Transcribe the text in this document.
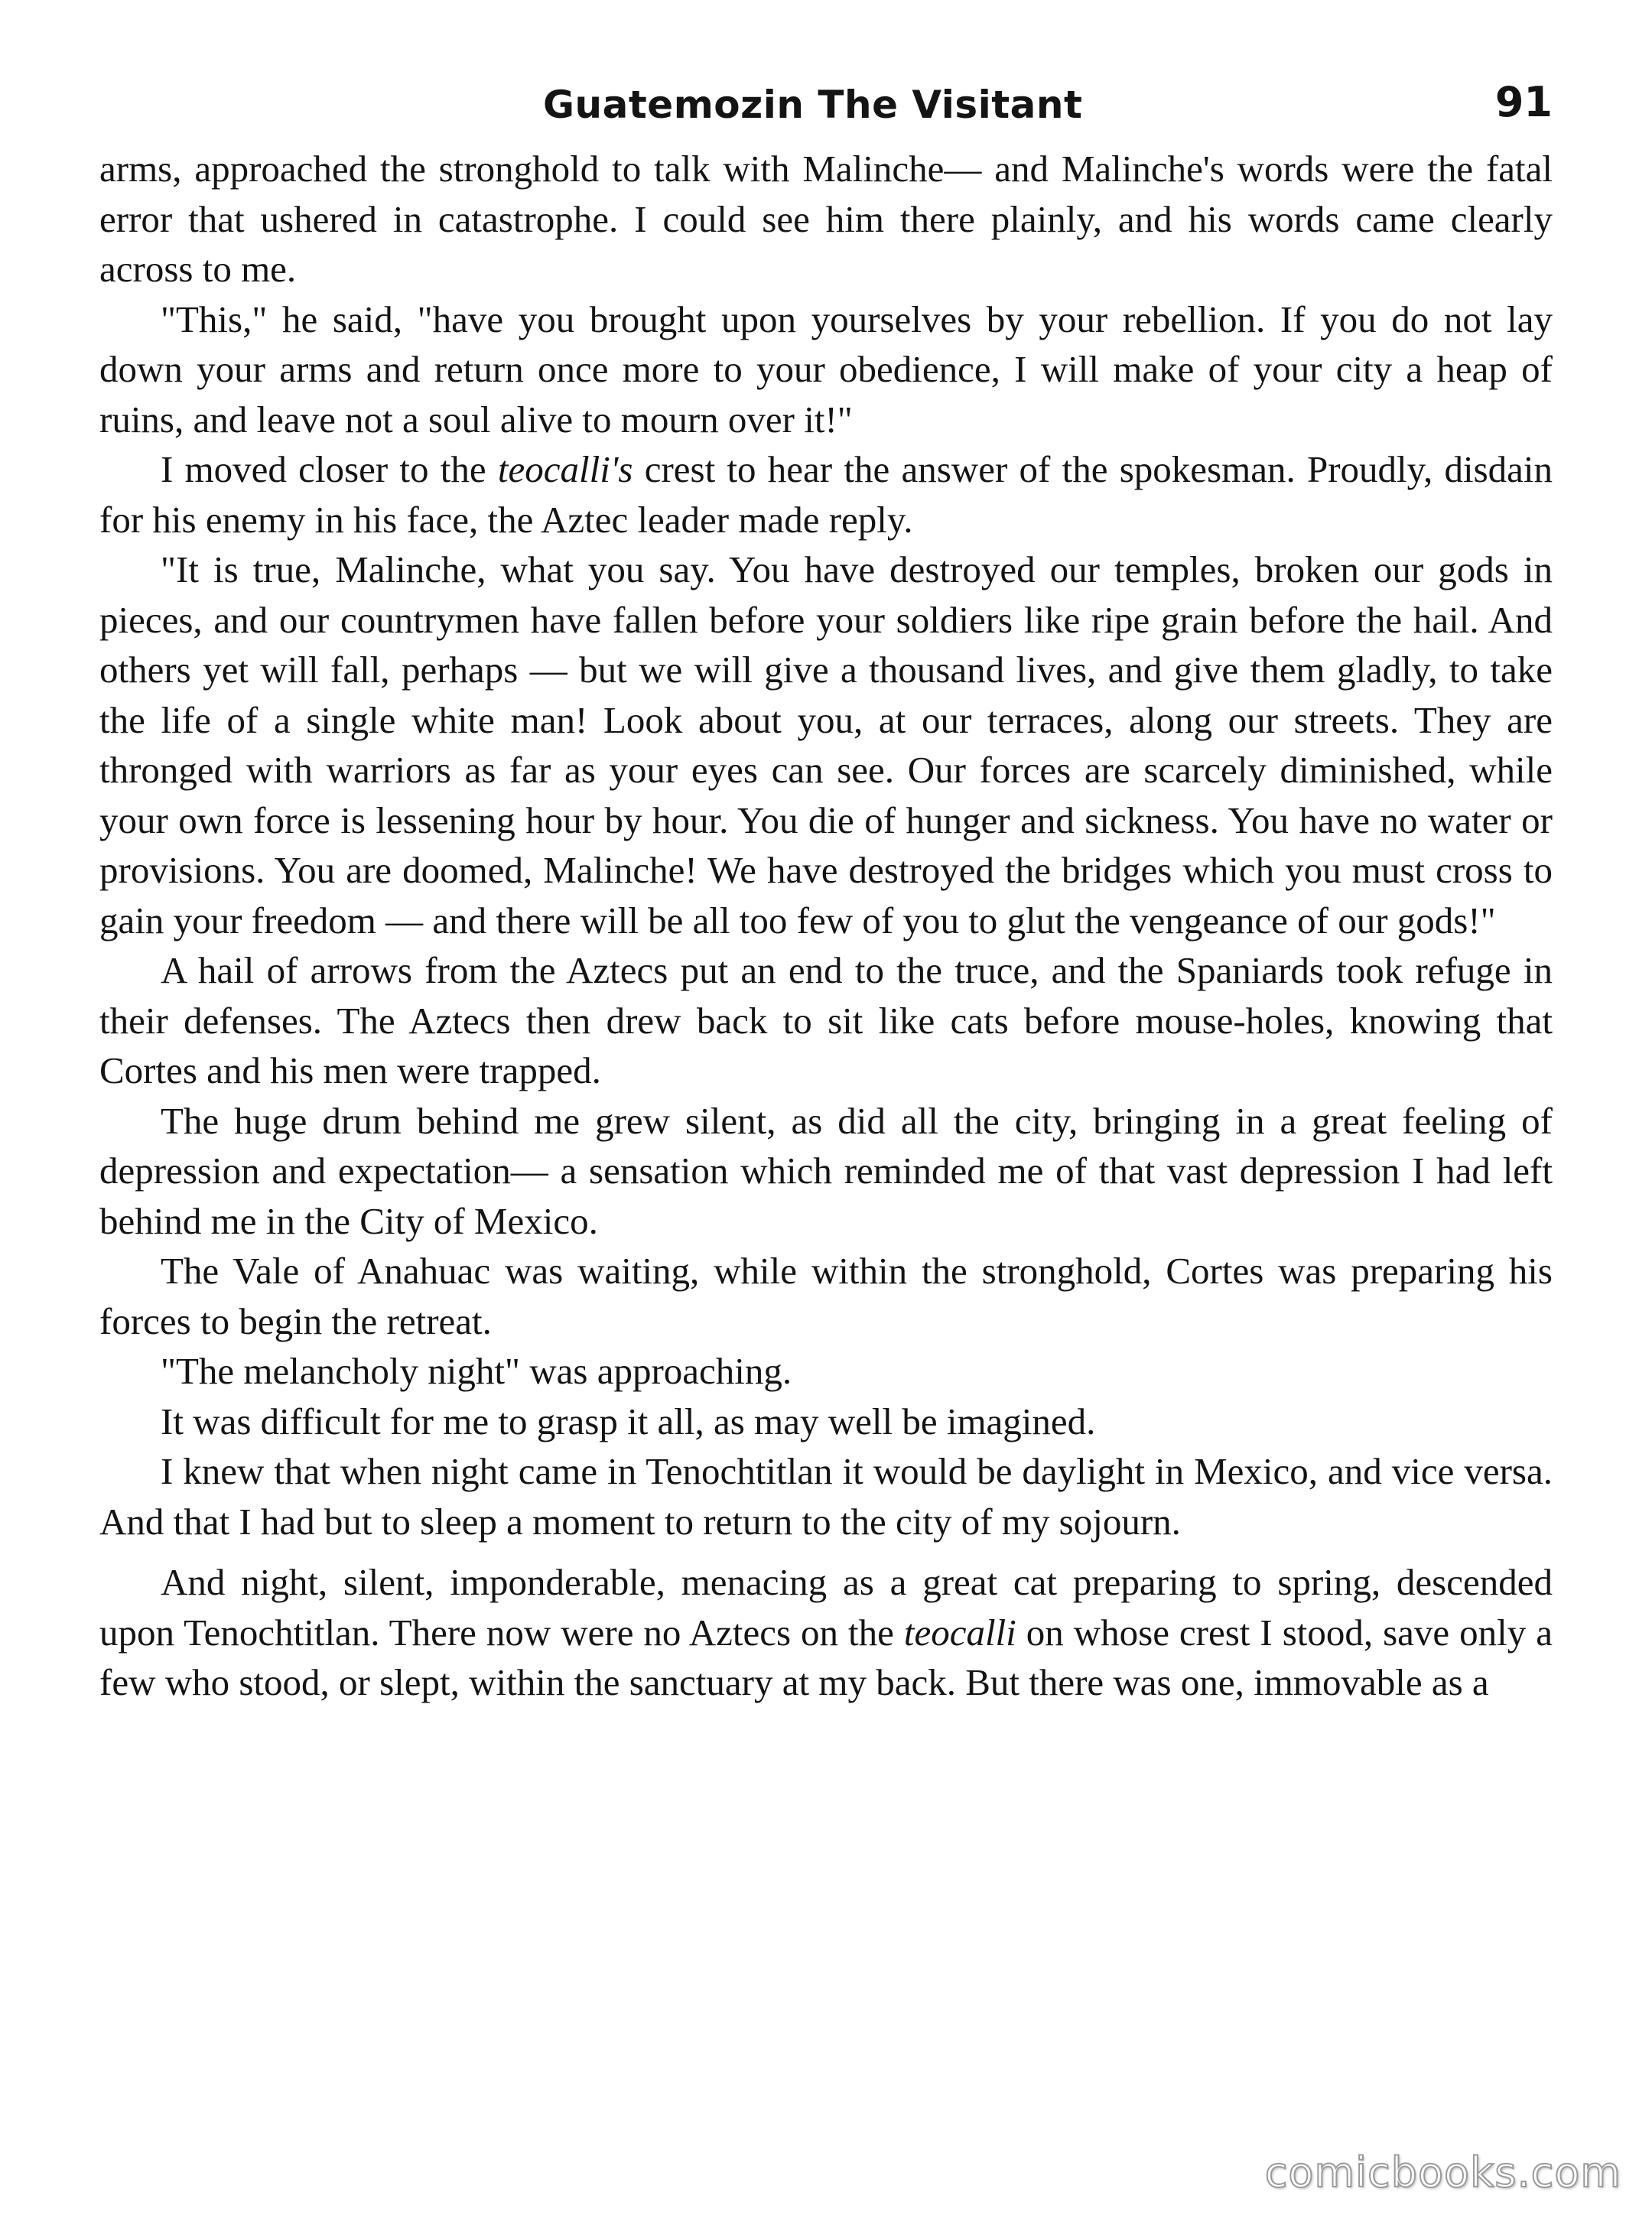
Guatemozin The Visitant	91

arms, approached the stronghold to talk with Malinche— and Malinche's words were the fatal error that ushered in catastrophe. I could see him there plainly, and his words came clearly across to me.

"This," he said, "have you brought upon yourselves by your rebellion. If you do not lay down your arms and return once more to your obedience, I will make of your city a heap of ruins, and leave not a soul alive to mourn over it!"

I moved closer to the teocalli's crest to hear the answer of the spokesman. Proudly, disdain for his enemy in his face, the Aztec leader made reply.

"It is true, Malinche, what you say. You have destroyed our temples, broken our gods in pieces, and our countrymen have fallen before your soldiers like ripe grain before the hail. And others yet will fall, perhaps — but we will give a thousand lives, and give them gladly, to take the life of a single white man! Look about you, at our terraces, along our streets. They are thronged with warriors as far as your eyes can see. Our forces are scarcely diminished, while your own force is lessening hour by hour. You die of hunger and sickness. You have no water or provisions. You are doomed, Malinche! We have destroyed the bridges which you must cross to gain your freedom — and there will be all too few of you to glut the vengeance of our gods!"

A hail of arrows from the Aztecs put an end to the truce, and the Spaniards took refuge in their defenses. The Aztecs then drew back to sit like cats before mouse-holes, knowing that Cortes and his men were trapped.

The huge drum behind me grew silent, as did all the city, bringing in a great feeling of depression and expectation— a sensation which reminded me of that vast depression I had left behind me in the City of Mexico.

The Vale of Anahuac was waiting, while within the stronghold, Cortes was preparing his forces to begin the retreat.

"The melancholy night" was approaching.

It was difficult for me to grasp it all, as may well be imagined.

I knew that when night came in Tenochtitlan it would be daylight in Mexico, and vice versa. And that I had but to sleep a moment to return to the city of my sojourn.

And night, silent, imponderable, menacing as a great cat preparing to spring, descended upon Tenochtitlan. There now were no Aztecs on the teocalli on whose crest I stood, save only a few who stood, or slept, within the sanctuary at my back. But there was one, immovable as a

comicbooks.com
